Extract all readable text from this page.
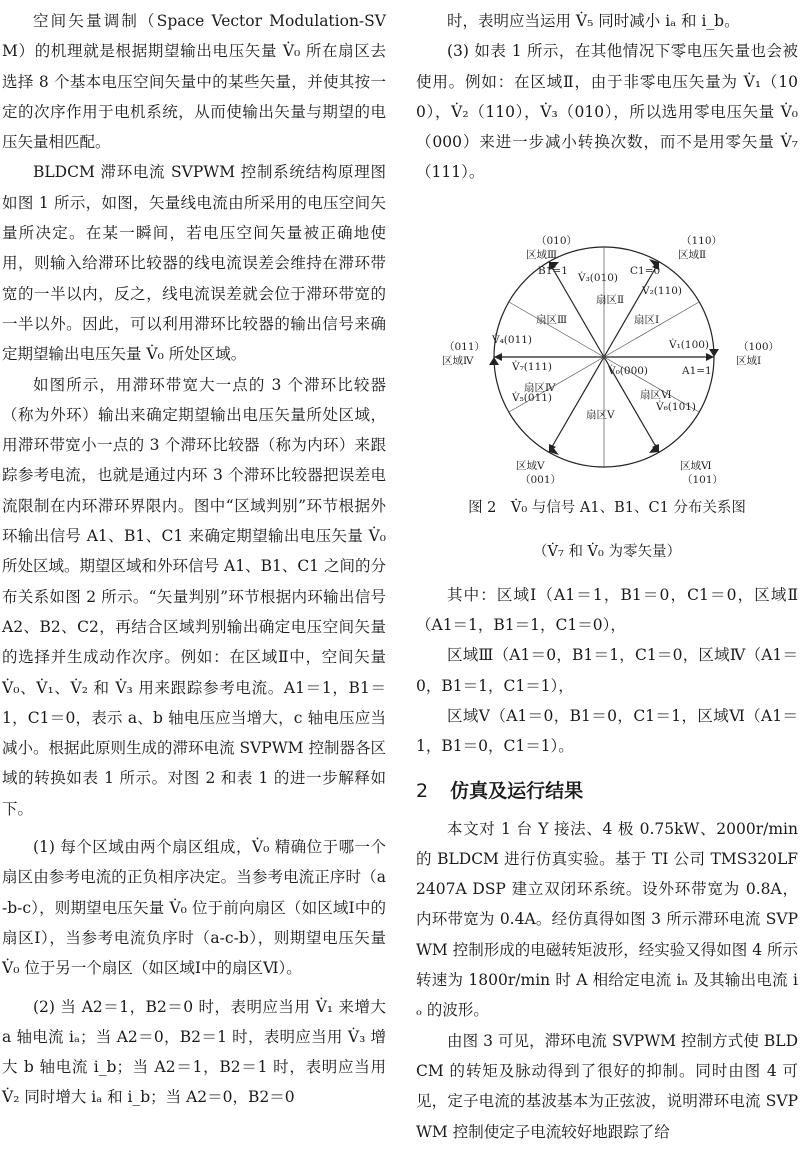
空间矢量调制（Space Vector Modulation-SVM）的机理就是根据期望输出电压矢量 V̇₀ 所在扇区去选择 8 个基本电压空间矢量中的某些矢量，并使其按一定的次序作用于电机系统，从而使输出矢量与期望的电压矢量相匹配。

BLDCM 滞环电流 SVPWM 控制系统结构原理图如图 1 所示，如图，矢量线电流由所采用的电压空间矢量所决定。在某一瞬间，若电压空间矢量被正确地使用，则输入给滞环比较器的线电流误差会维持在滞环带宽的一半以内，反之，线电流误差就会位于滞环带宽的一半以外。因此，可以利用滞环比较器的输出信号来确定期望输出电压矢量 V̇₀ 所处区域。

如图所示，用滞环带宽大一点的 3 个滞环比较器（称为外环）输出来确定期望输出电压矢量所处区域，用滞环带宽小一点的 3 个滞环比较器（称为内环）来跟踪参考电流，也就是通过内环 3 个滞环比较器把误差电流限制在内环滞环界限内。图中“区域判别”环节根据外环输出信号 A1、B1、C1 来确定期望输出电压矢量 V̇₀ 所处区域。期望区域和外环信号 A1、B1、C1 之间的分布关系如图 2 所示。“矢量判别”环节根据内环输出信号 A2、B2、C2，再结合区域判别输出确定电压空间矢量的选择并生成动作次序。例如：在区域Ⅱ中，空间矢量 V̇₀、V̇₁、V̇₂ 和 V̇₃ 用来跟踪参考电流。A1＝1，B1＝1，C1＝0，表示 a、b 轴电压应当增大，c 轴电压应当减小。根据此原则生成的滞环电流 SVPWM 控制器各区域的转换如表 1 所示。对图 2 和表 1 的进一步解释如下。

(1) 每个区域由两个扇区组成，V̇₀ 精确位于哪一个扇区由参考电流的正负相序决定。当参考电流正序时（a-b-c），则期望电压矢量 V̇₀ 位于前向扇区（如区域Ⅰ中的扇区Ⅰ），当参考电流负序时（a-c-b），则期望电压矢量 V̇₀ 位于另一个扇区（如区域Ⅰ中的扇区Ⅵ）。

(2) 当 A2＝1，B2＝0 时，表明应当用 V̇₁ 来增大 a 轴电流 iₐ；当 A2＝0，B2＝1 时，表明应当用 V̇₃ 增大 b 轴电流 i_b；当 A2＝1，B2＝1 时，表明应当用 V̇₂ 同时增大 iₐ 和 i_b；当 A2＝0，B2＝0

时，表明应当运用 V̇₅ 同时减小 iₐ 和 i_b。

(3) 如表 1 所示，在其他情况下零电压矢量也会被使用。例如：在区域Ⅱ，由于非零电压矢量为 V̇₁（100），V̇₂（110），V̇₃（010），所以选用零电压矢量 V̇₀（000）来进一步减小转换次数，而不是用零矢量 V̇₇（111）。

（010）
区域Ⅲ
（110）
区域Ⅱ
（011）
区域Ⅳ
（100）
区域Ⅰ
区域Ⅴ
（001）
区域Ⅵ
（101）
扇区Ⅰ
扇区Ⅱ
扇区Ⅲ
扇区Ⅳ
扇区Ⅴ
扇区Ⅵ
V̇₁(100)
V̇₂(110)
V̇₃(010)
V̇₄(011)
V̇₅(011)
V̇₆(101)
V̇₇(111)	V̇₀(000)	A1=1
B1=1	C1=0
图 2　V̇₀ 与信号 A1、B1、C1 分布关系图
（V̇₇ 和 V̇₀ 为零矢量）

其中：区域Ⅰ（A1＝1，B1＝0，C1＝0，区域Ⅱ（A1＝1，B1＝1，C1＝0），

区域Ⅲ（A1＝0，B1＝1，C1＝0，区域Ⅳ（A1＝0，B1＝1，C1＝1），

区域Ⅴ（A1＝0，B1＝0，C1＝1，区域Ⅵ（A1＝1，B1＝0，C1＝1）。

2 仿真及运行结果

本文对 1 台 Y 接法、4 极 0.75kW、2000r/min 的 BLDCM 进行仿真实验。基于 TI 公司 TMS320LF2407A DSP 建立双闭环系统。设外环带宽为 0.8A，内环带宽为 0.4A。经仿真得如图 3 所示滞环电流 SVPWM 控制形成的电磁转矩波形，经实验又得如图 4 所示转速为 1800r/min 时 A 相给定电流 iₙ 及其输出电流 iₒ 的波形。

由图 3 可见，滞环电流 SVPWM 控制方式使 BLDCM 的转矩及脉动得到了很好的抑制。同时由图 4 可见，定子电流的基波基本为正弦波，说明滞环电流 SVPWM 控制使定子电流较好地跟踪了给
